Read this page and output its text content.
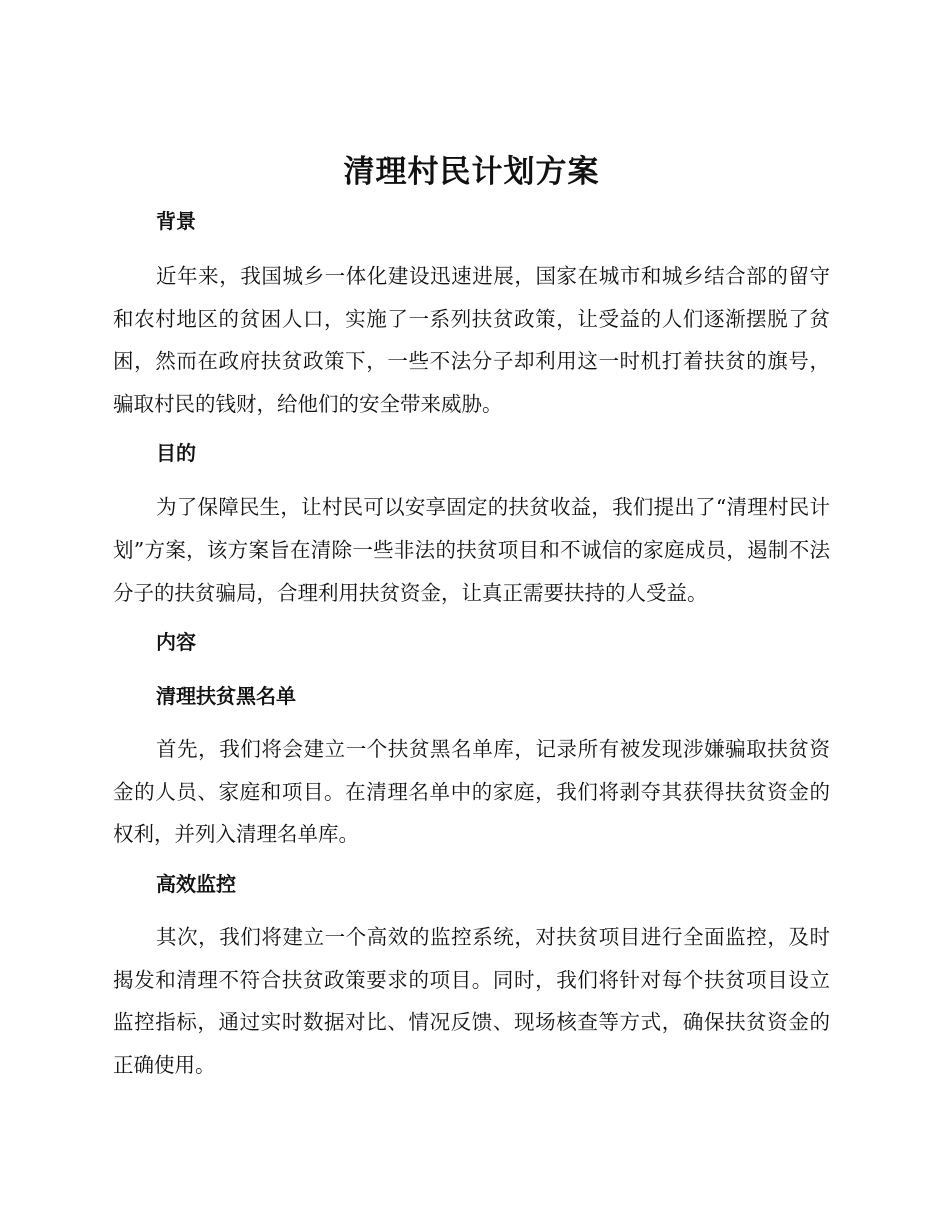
清理村民计划方案
背景

近年来，我国城乡一体化建设迅速进展，国家在城市和城乡结合部的留守和农村地区的贫困人口，实施了一系列扶贫政策，让受益的人们逐渐摆脱了贫困，然而在政府扶贫政策下，一些不法分子却利用这一时机打着扶贫的旗号，骗取村民的钱财，给他们的安全带来威胁。

目的

为了保障民生，让村民可以安享固定的扶贫收益，我们提出了“清理村民计划”方案，该方案旨在清除一些非法的扶贫项目和不诚信的家庭成员，遏制不法分子的扶贫骗局，合理利用扶贫资金，让真正需要扶持的人受益。

内容
清理扶贫黑名单

首先，我们将会建立一个扶贫黑名单库，记录所有被发现涉嫌骗取扶贫资金的人员、家庭和项目。在清理名单中的家庭，我们将剥夺其获得扶贫资金的权利，并列入清理名单库。

高效监控

其次，我们将建立一个高效的监控系统，对扶贫项目进行全面监控，及时揭发和清理不符合扶贫政策要求的项目。同时，我们将针对每个扶贫项目设立监控指标，通过实时数据对比、情况反馈、现场核查等方式，确保扶贫资金的正确使用。
